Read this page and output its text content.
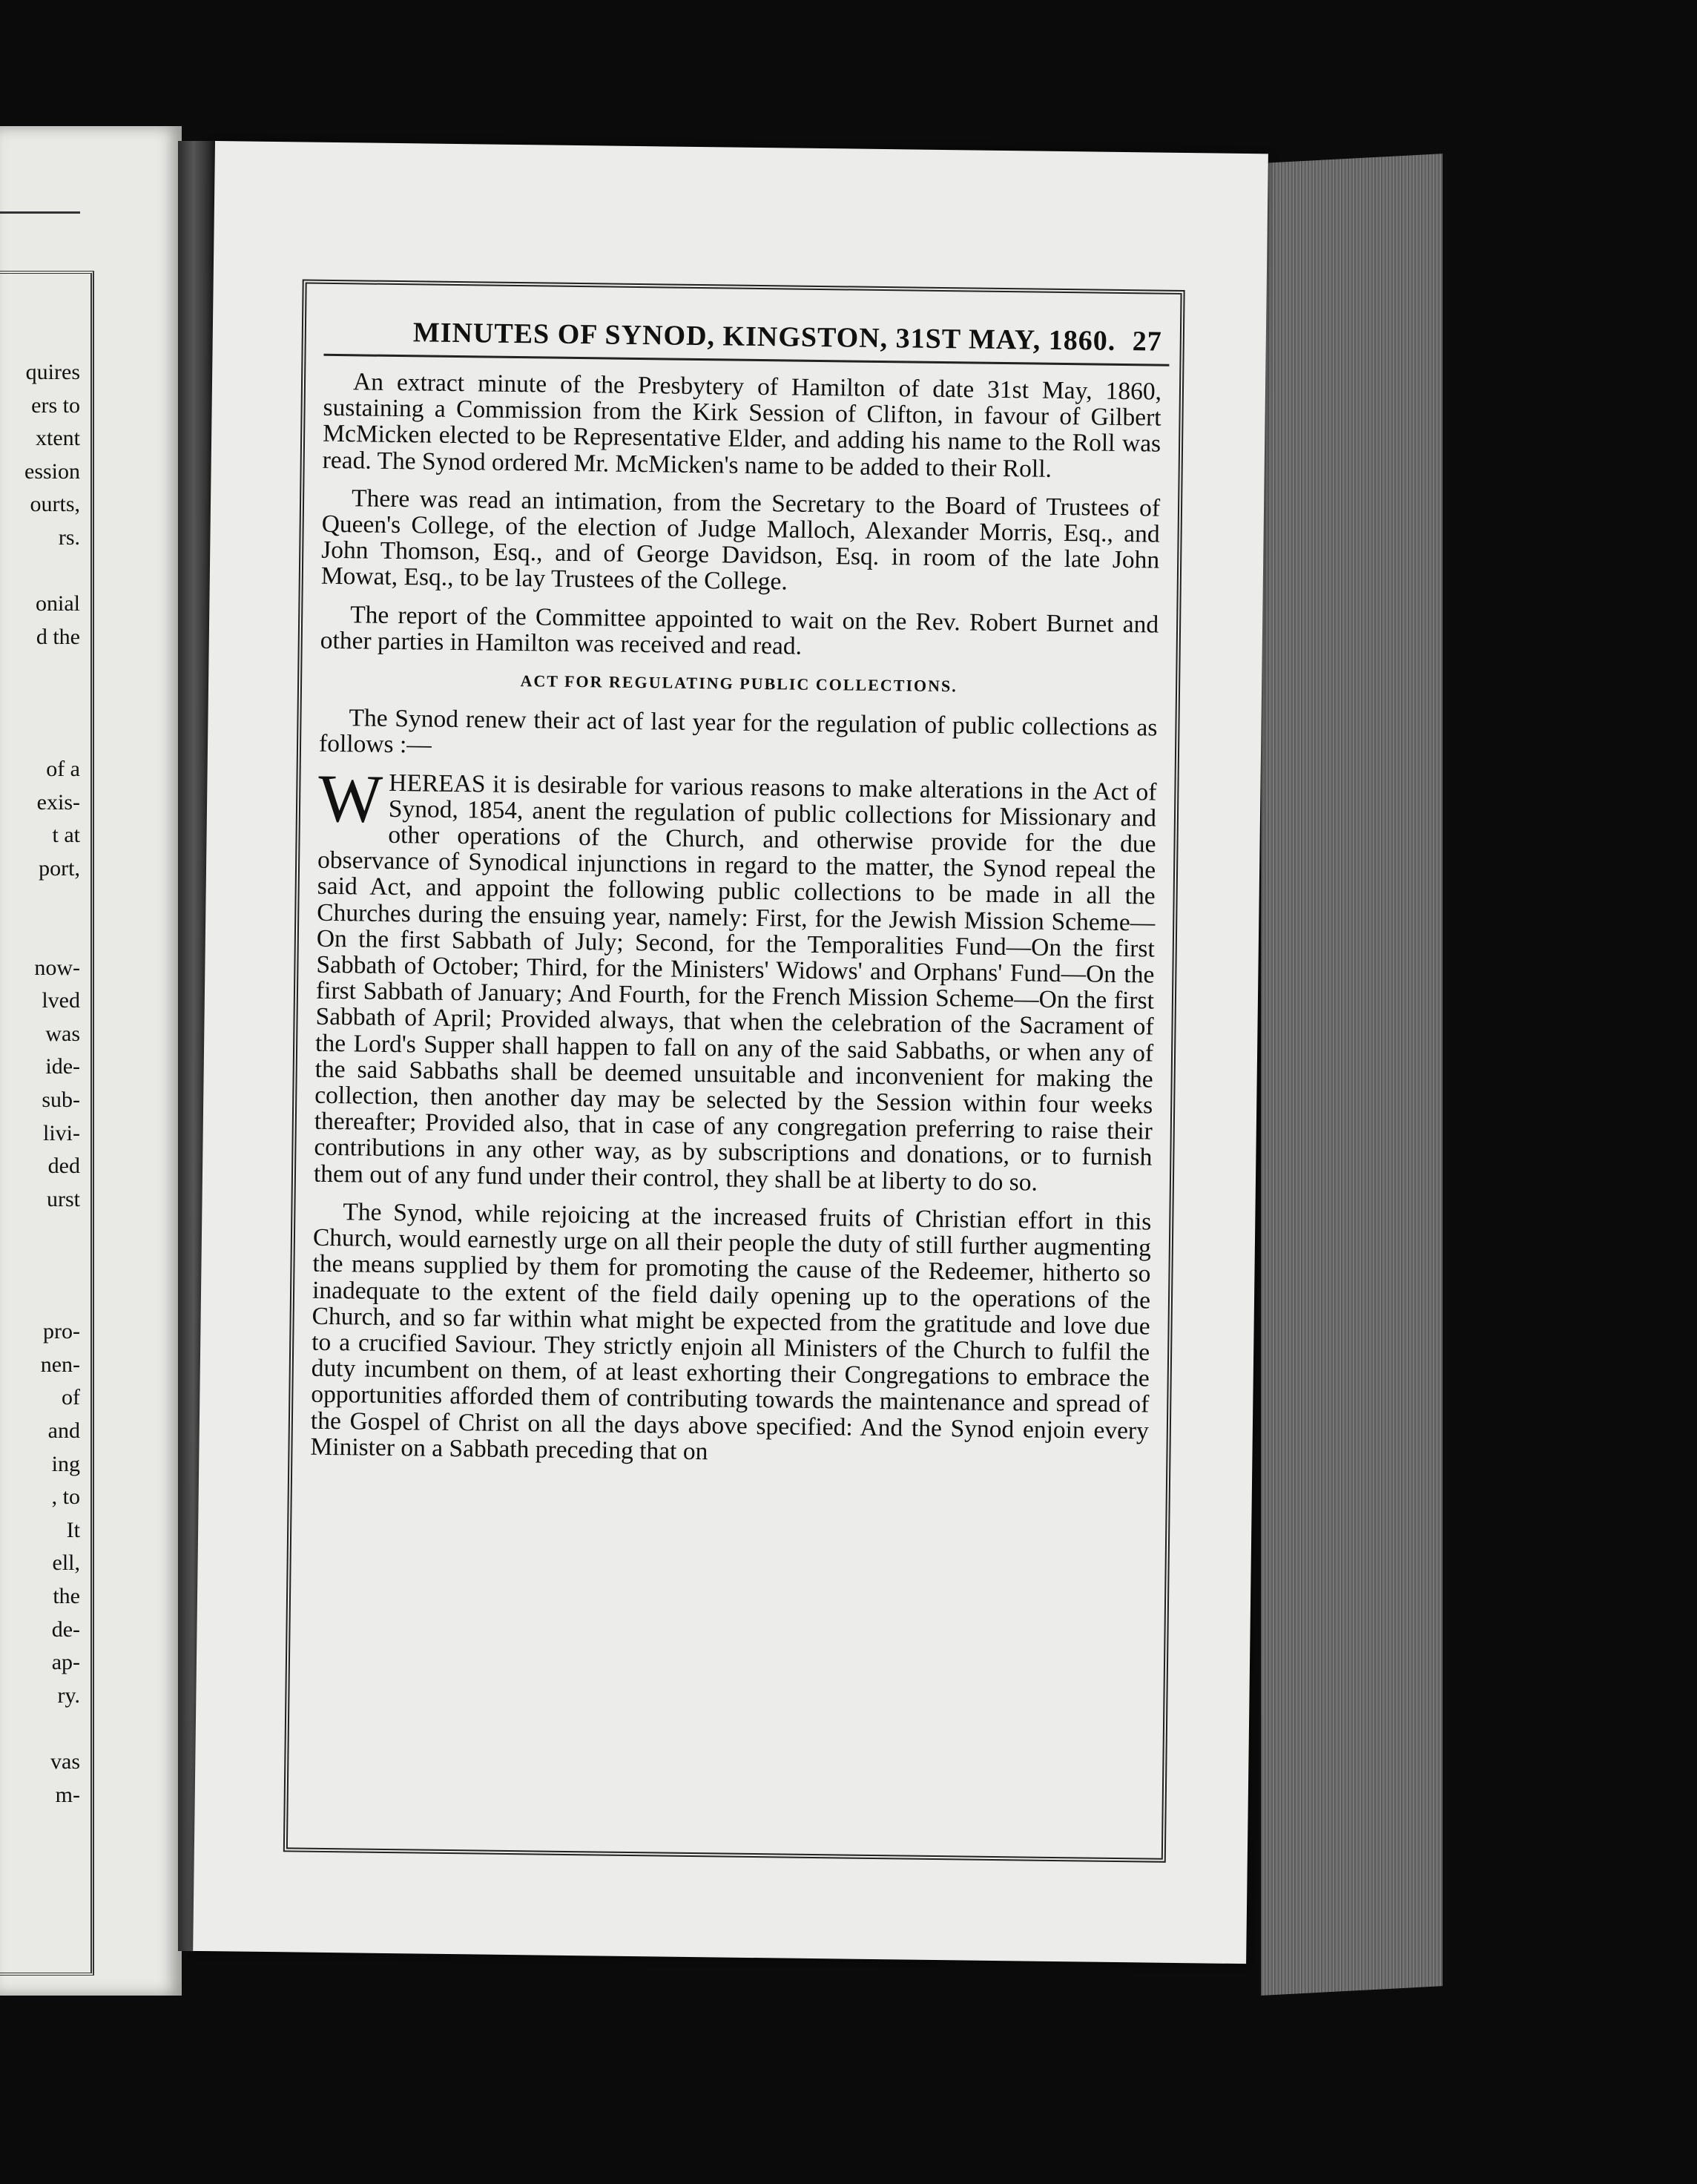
quires
ers to
xtent
ession
ourts,
rs.

onial
d the

of a
exis-
t at
port,

now-
lved
was
ide-
sub-
livi-
ded
urst

pro-
nen-
of
and
ing
, to
It
ell,
the
de-
ap-
ry.

vas
m-
MINUTES OF SYNOD, KINGSTON, 31ST MAY, 1860. 27

An extract minute of the Presbytery of Hamilton of date 31st May, 1860, sustaining a Commission from the Kirk Session of Clifton, in favour of Gilbert McMicken elected to be Representative Elder, and adding his name to the Roll was read. The Synod ordered Mr. McMicken's name to be added to their Roll.

There was read an intimation, from the Secretary to the Board of Trustees of Queen's College, of the election of Judge Malloch, Alexander Morris, Esq., and John Thomson, Esq., and of George Davidson, Esq. in room of the late John Mowat, Esq., to be lay Trustees of the College.

The report of the Committee appointed to wait on the Rev. Robert Burnet and other parties in Hamilton was received and read.

ACT FOR REGULATING PUBLIC COLLECTIONS.

The Synod renew their act of last year for the regulation of public collections as follows :—

W HEREAS it is desirable for various reasons to make alterations in the Act of Synod, 1854, anent the regulation of public collections for Missionary and other operations of the Church, and otherwise provide for the due observance of Synodical injunctions in regard to the matter, the Synod repeal the said Act, and appoint the following public collections to be made in all the Churches during the ensuing year, namely: First, for the Jewish Mission Scheme—On the first Sabbath of July; Second, for the Temporalities Fund—On the first Sabbath of October; Third, for the Ministers' Widows' and Orphans' Fund—On the first Sabbath of January; And Fourth, for the French Mission Scheme—On the first Sabbath of April; Provided always, that when the celebration of the Sacrament of the Lord's Supper shall happen to fall on any of the said Sabbaths, or when any of the said Sabbaths shall be deemed unsuitable and inconvenient for making the collection, then another day may be selected by the Session within four weeks thereafter; Provided also, that in case of any congregation preferring to raise their contributions in any other way, as by subscriptions and donations, or to furnish them out of any fund under their control, they shall be at liberty to do so.

The Synod, while rejoicing at the increased fruits of Christian effort in this Church, would earnestly urge on all their people the duty of still further augmenting the means supplied by them for promoting the cause of the Redeemer, hitherto so inadequate to the extent of the field daily opening up to the operations of the Church, and so far within what might be expected from the gratitude and love due to a crucified Saviour. They strictly enjoin all Ministers of the Church to fulfil the duty incumbent on them, of at least exhorting their Congregations to embrace the opportunities afforded them of contributing towards the maintenance and spread of the Gospel of Christ on all the days above specified: And the Synod enjoin every Minister on a Sabbath preceding that on
